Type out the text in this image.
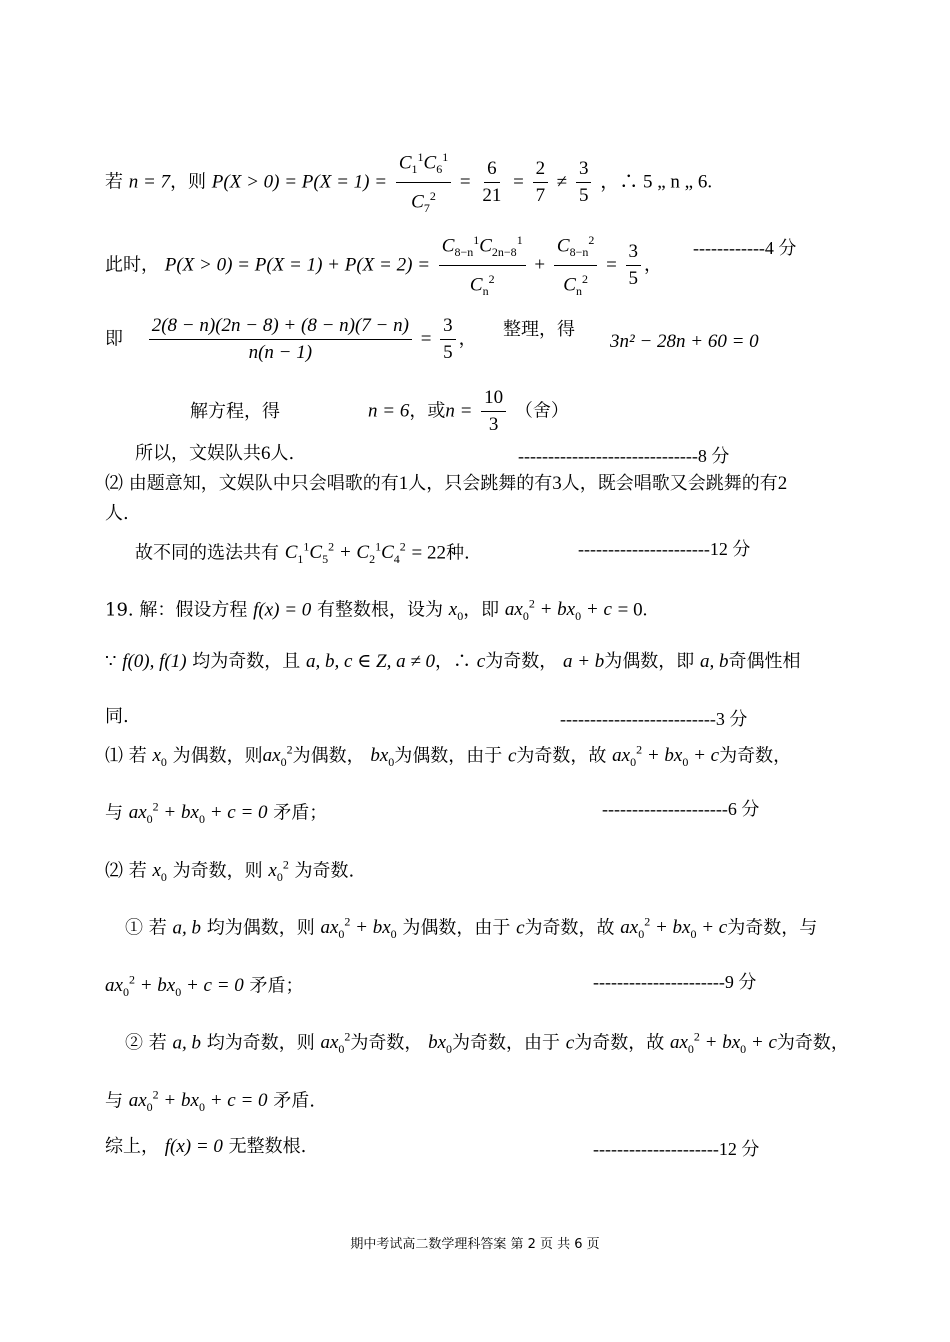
若 n = 7，则 $P(X > 0) = P(X = 1) = \frac{C_1^1C_6^1}{C_7^2} = \frac{6}{21} = \frac{2}{7} \ne \frac{3}{5}$ ，∴ 5 „ n „ 6.
此时， $P(X > 0) = P(X = 1) + P(X = 2) = \frac{C_{8-n}^1C_{2n-8}^1}{C_n^2} + \frac{C_{8-n}^2}{C_n^2} = \frac{3}{5}$ ，
------------4 分
即 $\frac{2(8 - n)(2n - 8) + (8 - n)(7 - n)}{n(n - 1)} = \frac{3}{5}$ ， 整理，得
3n² − 28n + 60 = 0
解方程，得	n = 6，或$n = \frac{10}{3}$ （舍）
所以，文娱队共6人.	------------------------------8 分
⑵ 由题意知，文娱队中只会唱歌的有1人，只会跳舞的有3人，既会唱歌又会跳舞的有2
人.
故不同的选法共有 $C_1^1C_5^2 + C_2^1C_4^2 = 22$种.	----------------------12 分
19. 解：假设方程 f(x) = 0 有整数根，设为 $x_0$，即 $ax_0^2 + bx_0 + c = 0$.
∵ f(0), f(1) 均为奇数，且 a, b, c ∈ Z, a ≠ 0，∴ c为奇数， a + b为偶数，即 a, b奇偶性相
同.	--------------------------3 分
⑴ 若 $x_0$ 为偶数，则$ax_0^2$为偶数， $bx_0$为偶数，由于 c为奇数，故 $ax_0^2 + bx_0 + c$为奇数，
与 $ax_0^2 + bx_0 + c = 0$ 矛盾；	---------------------6 分
⑵ 若 $x_0$ 为奇数，则 $x_0^2$ 为奇数.
① 若 a, b 均为偶数，则 $ax_0^2 + bx_0$ 为偶数，由于 c为奇数，故 $ax_0^2 + bx_0 + c$为奇数，与
$ax_0^2 + bx_0 + c = 0$ 矛盾；	----------------------9 分
② 若 a, b 均为奇数，则 $ax_0^2$为奇数， $bx_0$为奇数，由于 c为奇数，故 $ax_0^2 + bx_0 + c$为奇数，
与 $ax_0^2 + bx_0 + c = 0$ 矛盾.
综上， f(x) = 0 无整数根.	---------------------12 分
期中考试高二数学理科答案 第 2 页 共 6 页
